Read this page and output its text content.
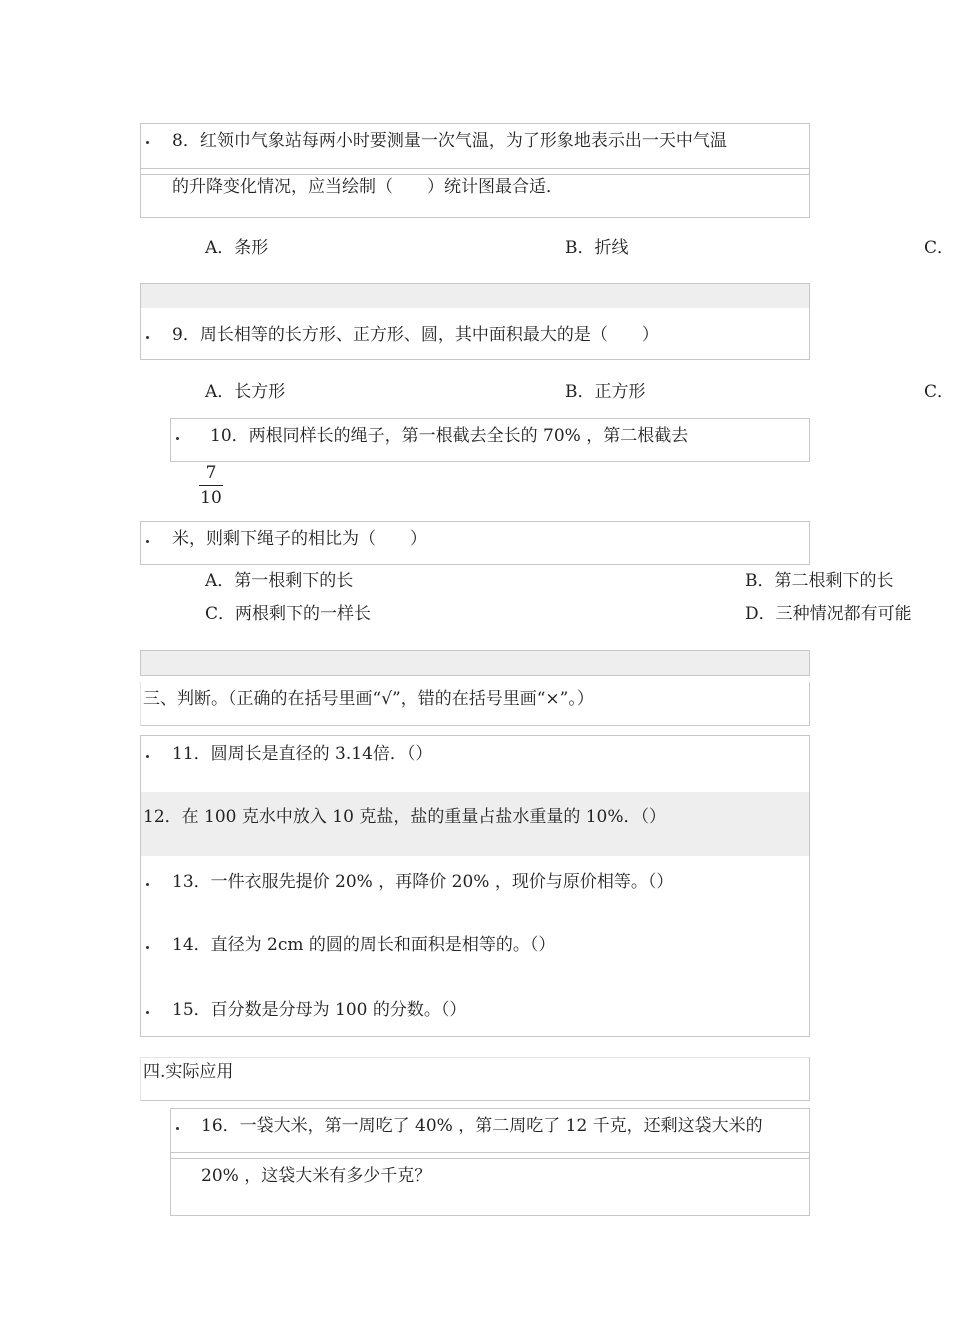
8．红领巾气象站每两小时要测量一次气温，为了形象地表示出一天中气温
的升降变化情况，应当绘制（　　）统计图最合适．
A．条形	B．折线	C．
9．周长相等的长方形、正方形、圆，其中面积最大的是（　　）
A．长方形	B．正方形	C．
10．两根同样长的绳子，第一根截去全长的 70% ，第二根截去
7
10
米，则剩下绳子的相比为（　　）
A．第一根剩下的长	B．第二根剩下的长
C．两根剩下的一样长	D．三种情况都有可能
三、判断。（正确的在括号里画“√”，错的在括号里画“×”。）
11．圆周长是直径的 3.14倍．（）
12．在 100 克水中放入 10 克盐，盐的重量占盐水重量的 10%．（）
13．一件衣服先提价 20% ，再降价 20% ，现价与原价相等。（）
14．直径为 2cm 的圆的周长和面积是相等的。（）
15．百分数是分母为 100 的分数。（）
四.实际应用
16．一袋大米，第一周吃了 40% ，第二周吃了 12 千克，还剩这袋大米的
20% ，这袋大米有多少千克？
